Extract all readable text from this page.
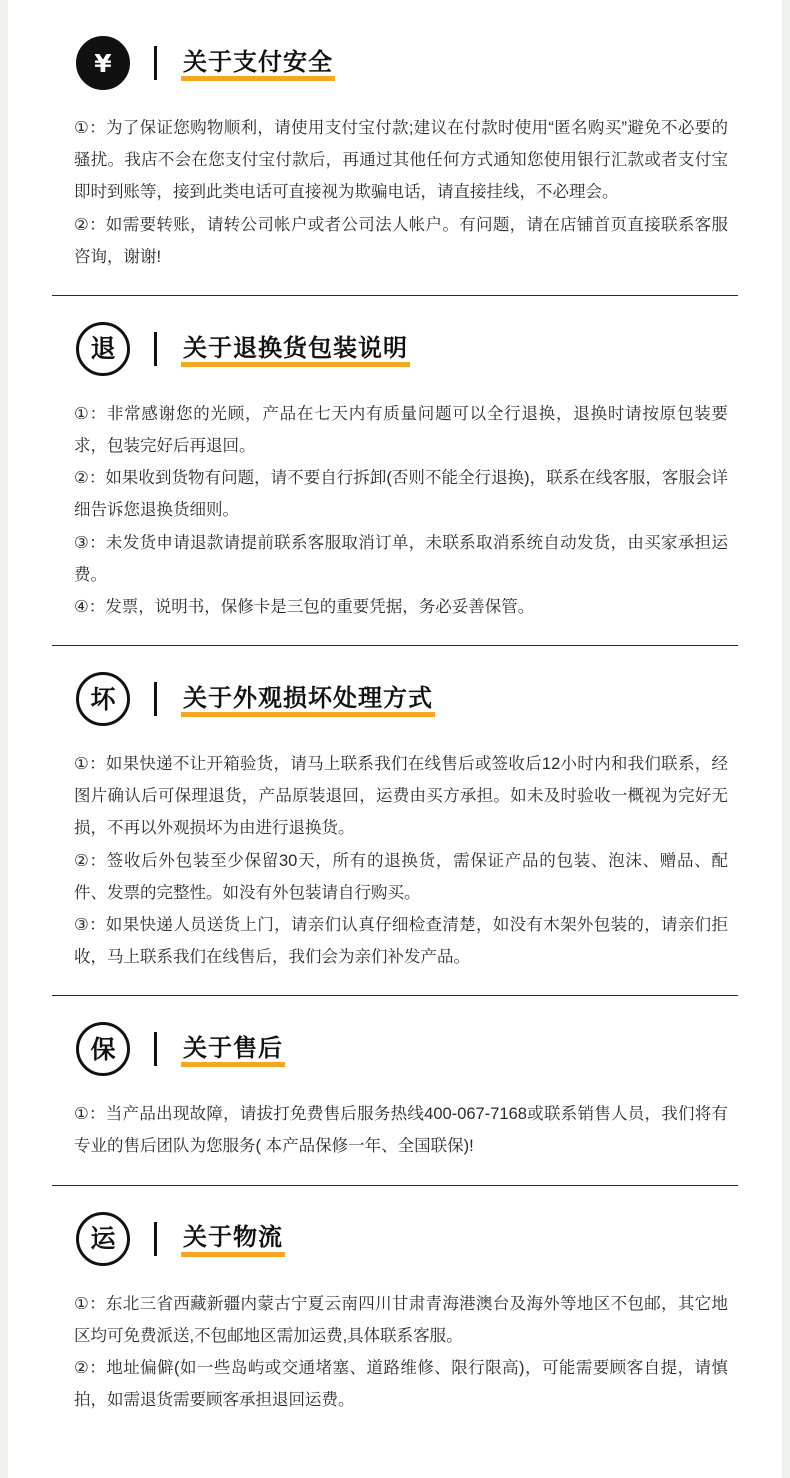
¥	关于支付安全

①：为了保证您购物顺利，请使用支付宝付款;建议在付款时使用“匿名购买”避免不必要的骚扰。我店不会在您支付宝付款后，再通过其他任何方式通知您使用银行汇款或者支付宝即时到账等，接到此类电话可直接视为欺骗电话，请直接挂线，不必理会。

②：如需要转账，请转公司帐户或者公司法人帐户。有问题，请在店铺首页直接联系客服咨询，谢谢!

退	关于退换货包装说明

①：非常感谢您的光顾，产品在七天内有质量问题可以全行退换，退换时请按原包装要求，包装完好后再退回。

②：如果收到货物有问题，请不要自行拆卸(否则不能全行退换)，联系在线客服，客服会详细告诉您退换货细则。

③：未发货申请退款请提前联系客服取消订单，未联系取消系统自动发货，由买家承担运费。

④：发票，说明书，保修卡是三包的重要凭据，务必妥善保管。

坏	关于外观损坏处理方式

①：如果快递不让开箱验货，请马上联系我们在线售后或签收后12小时内和我们联系，经图片确认后可保理退货，产品原装退回，运费由买方承担。如未及时验收一概视为完好无损，不再以外观损坏为由进行退换货。

②：签收后外包装至少保留30天，所有的退换货，需保证产品的包装、泡沫、赠品、配件、发票的完整性。如没有外包装请自行购买。

③：如果快递人员送货上门，请亲们认真仔细检查清楚，如没有木架外包装的，请亲们拒收，马上联系我们在线售后，我们会为亲们补发产品。

保	关于售后

①：当产品出现故障，请拔打免费售后服务热线400-067-7168或联系销售人员，我们将有专业的售后团队为您服务( 本产品保修一年、全国联保)!

运	关于物流

①：东北三省西藏新疆内蒙古宁夏云南四川甘肃青海港澳台及海外等地区不包邮，其它地区均可免费派送,不包邮地区需加运费,具体联系客服。

②：地址偏僻(如一些岛屿或交通堵塞、道路维修、限行限高)，可能需要顾客自提，请慎拍，如需退货需要顾客承担退回运费。
